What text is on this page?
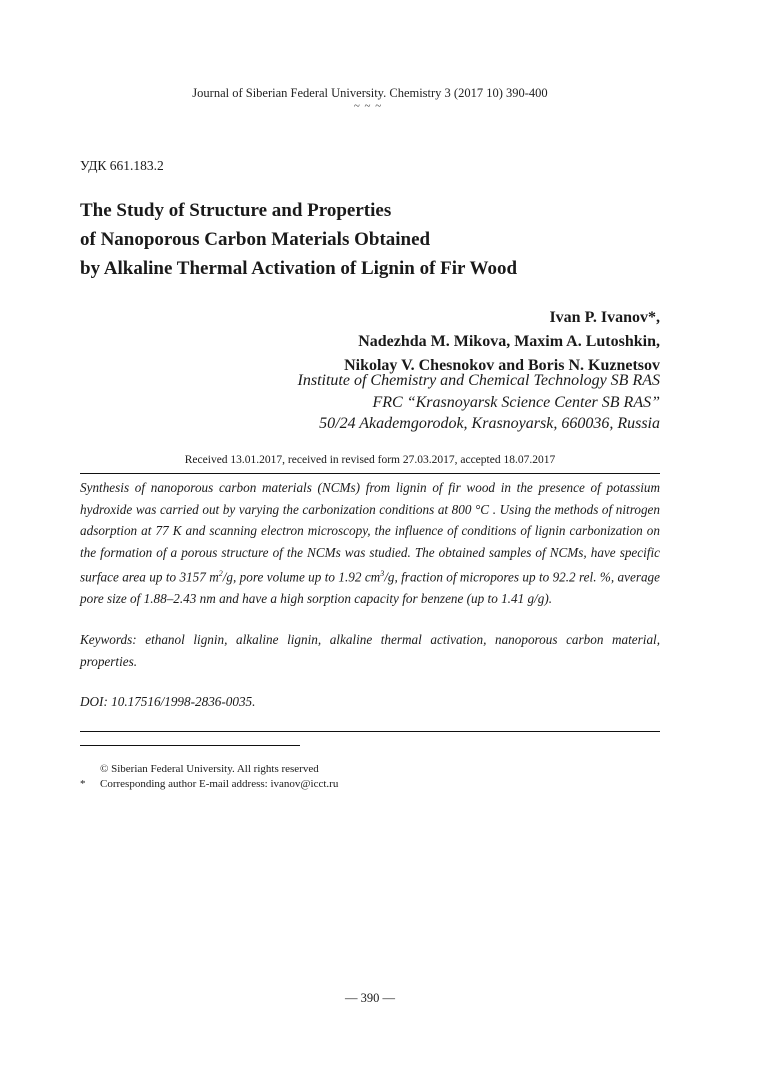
Journal of Siberian Federal University. Chemistry 3 (2017 10) 390-400
~ ~ ~
УДК 661.183.2
The Study of Structure and Properties
of Nanoporous Carbon Materials Obtained
by Alkaline Thermal Activation of Lignin of Fir Wood
Ivan P. Ivanov*,
Nadezhda M. Mikova, Maxim A. Lutoshkin,
Nikolay V. Chesnokov and Boris N. Kuznetsov
Institute of Chemistry and Chemical Technology SB RAS
FRC “Krasnoyarsk Science Center SB RAS”
50/24 Akademgorodok, Krasnoyarsk, 660036, Russia
Received 13.01.2017, received in revised form 27.03.2017, accepted 18.07.2017

Synthesis of nanoporous carbon materials (NCMs) from lignin of fir wood in the presence of potassium hydroxide was carried out by varying the carbonization conditions at 800 °C . Using the methods of nitrogen adsorption at 77 K and scanning electron microscopy, the influence of conditions of lignin carbonization on the formation of a porous structure of the NCMs was studied. The obtained samples of NCMs, have specific surface area up to 3157 $m^2/g$, pore volume up to 1.92 $cm^3/g$, fraction of micropores up to 92.2 rel. %, average pore size of 1.88–2.43 nm and have a high sorption capacity for benzene (up to 1.41 g/g).

Keywords: ethanol lignin, alkaline lignin, alkaline thermal activation, nanoporous carbon material, properties.

DOI: 10.17516/1998-2836-0035.

© Siberian Federal University. All rights reserved
*	Corresponding author E-mail address: ivanov@icct.ru
— 390 —
